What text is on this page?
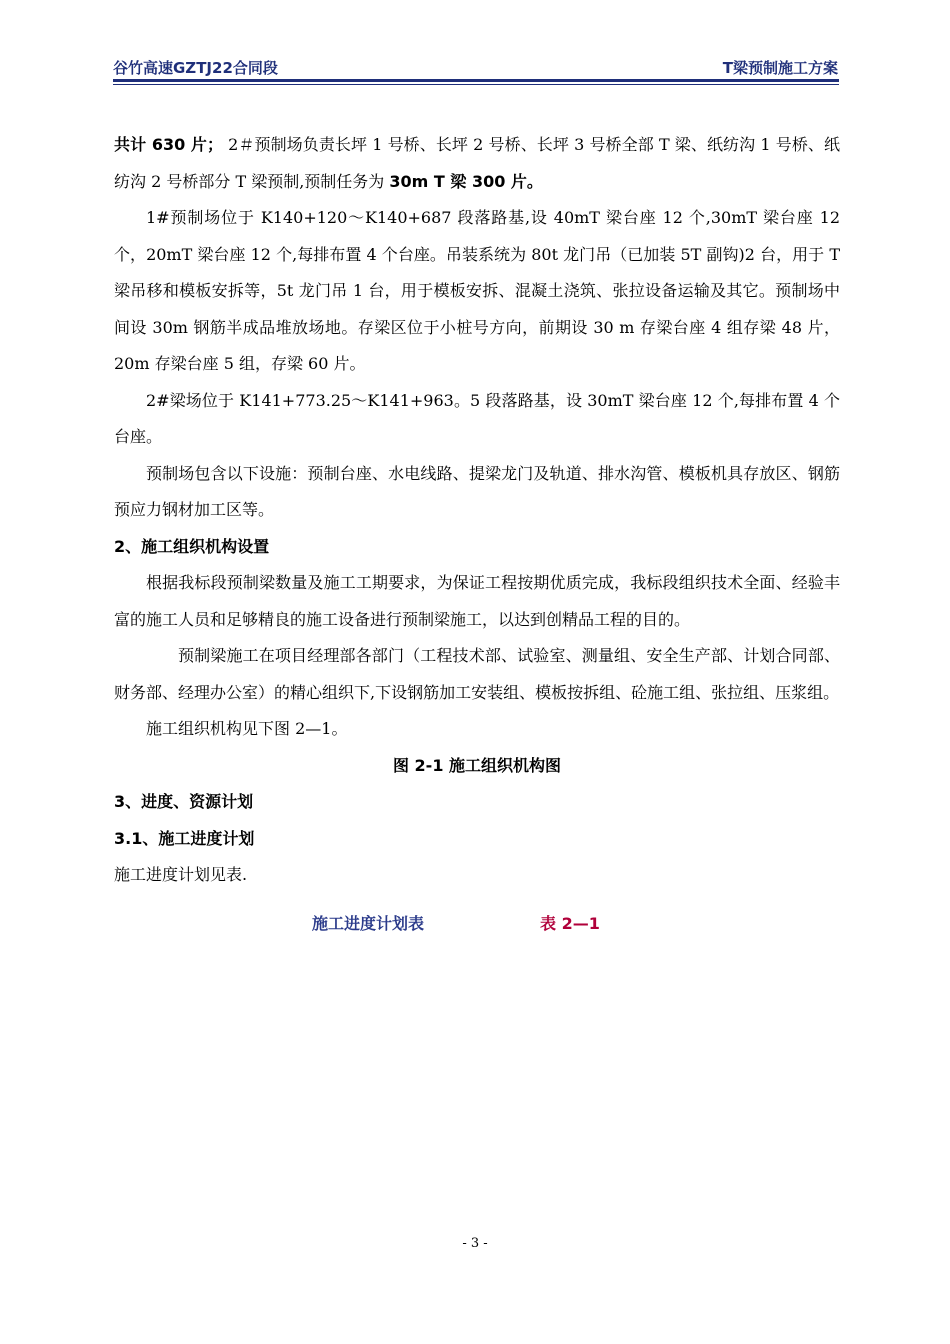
谷竹高速GZTJ22合同段	T梁预制施工方案

共计 630 片； 2＃预制场负责长坪 1 号桥、长坪 2 号桥、长坪 3 号桥全部 T 梁、纸纺沟 1 号桥、纸纺沟 2 号桥部分 T 梁预制,预制任务为 30m T 梁 300 片。

1#预制场位于 K140+120～K140+687 段落路基,设 40mT 梁台座 12 个,30mT 梁台座 12 个，20mT 梁台座 12 个,每排布置 4 个台座。吊装系统为 80t 龙门吊（已加装 5T 副钩)2 台，用于 T 梁吊移和模板安拆等，5t 龙门吊 1 台，用于模板安拆、混凝土浇筑、张拉设备运输及其它。预制场中间设 30m 钢筋半成品堆放场地。存梁区位于小桩号方向，前期设 30 m 存梁台座 4 组存梁 48 片，20m 存梁台座 5 组，存梁 60 片。

2#梁场位于 K141+773.25～K141+963。5 段落路基，设 30mT 梁台座 12 个,每排布置 4 个台座。

预制场包含以下设施：预制台座、水电线路、提梁龙门及轨道、排水沟管、模板机具存放区、钢筋预应力钢材加工区等。

2、施工组织机构设置

根据我标段预制梁数量及施工工期要求，为保证工程按期优质完成，我标段组织技术全面、经验丰富的施工人员和足够精良的施工设备进行预制梁施工，以达到创精品工程的目的。

预制梁施工在项目经理部各部门（工程技术部、试验室、测量组、安全生产部、计划合同部、财务部、经理办公室）的精心组织下,下设钢筋加工安装组、模板按拆组、砼施工组、张拉组、压浆组。

施工组织机构见下图 2—1。

图 2-1 施工组织机构图

3、进度、资源计划

3.1、施工进度计划

施工进度计划见表.

施工进度计划表	表 2—1
- 3 -
